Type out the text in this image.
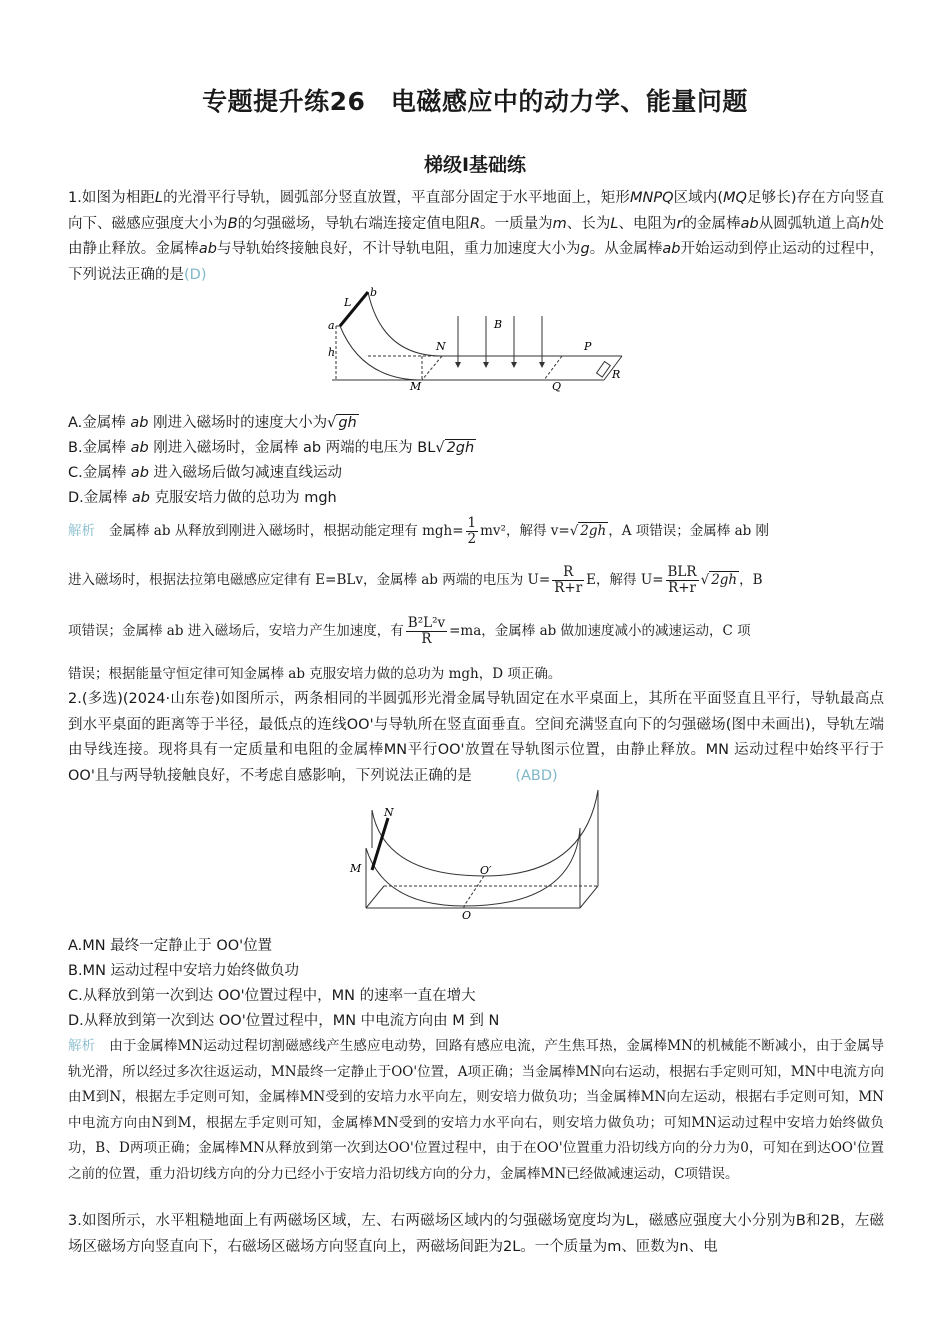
专题提升练26　电磁感应中的动力学、能量问题
梯级Ⅰ基础练

1.如图为相距L的光滑平行导轨，圆弧部分竖直放置，平直部分固定于水平地面上，矩形MNPQ区域内(MQ足够长)存在方向竖直向下、磁感应强度大小为B的匀强磁场，导轨右端连接定值电阻R。一质量为m、长为L、电阻为r的金属棒ab从圆弧轨道上高h处由静止释放。金属棒ab与导轨始终接触良好，不计导轨电阻，重力加速度大小为g。从金属棒ab开始运动到停止运动的过程中，下列说法正确的是(D)

L
b
a
h	N
B
P
M	Q
R

A.金属棒 ab 刚进入磁场时的速度大小为√ gh

B.金属棒 ab 刚进入磁场时，金属棒 ab 两端的电压为 BL√ 2gh

C.金属棒 ab 进入磁场后做匀减速直线运动

D.金属棒 ab 克服安培力做的总功为 mgh

解析 金属棒 ab 从释放到刚进入磁场时，根据动能定理有 $mgh= \frac{1}{2} mv^2$，解得 v=√ 2gh ，A 项错误；金属棒 ab 刚

进入磁场时，根据法拉第电磁感应定律有 E=BLv，金属棒 ab 两端的电压为 $U= \frac{R}{R+r}$ E，解得 $U= \frac{\text{BLR}}{R+r}$ √ 2gh ，B

项错误；金属棒 ab 进入磁场后，安培力产生加速度，有 $\frac{\text{B²L²v}}{R} =ma$，金属棒 ab 做加速度减小的减速运动，C 项

错误；根据能量守恒定律可知金属棒 ab 克服安培力做的总功为 mgh，D 项正确。

2.(多选)(2024·山东卷)如图所示，两条相同的半圆弧形光滑金属导轨固定在水平桌面上，其所在平面竖直且平行，导轨最高点到水平桌面的距离等于半径，最低点的连线OO'与导轨所在竖直面垂直。空间充满竖直向下的匀强磁场(图中未画出)，导轨左端由导线连接。现将具有一定质量和电阻的金属棒MN平行OO'放置在导轨图示位置，由静止释放。MN 运动过程中始终平行于OO'且与两导轨接触良好，不考虑自感影响，下列说法正确的是　　　	(ABD)

N
M	O′
O

A.MN 最终一定静止于 OO'位置

B.MN 运动过程中安培力始终做负功

C.从释放到第一次到达 OO'位置过程中，MN 的速率一直在增大

D.从释放到第一次到达 OO'位置过程中，MN 中电流方向由 M 到 N

解析 由于金属棒MN运动过程切割磁感线产生感应电动势，回路有感应电流，产生焦耳热，金属棒MN的机械能不断减小，由于金属导轨光滑，所以经过多次往返运动，MN最终一定静止于OO'位置，A项正确；当金属棒MN向右运动，根据右手定则可知，MN中电流方向由M到N，根据左手定则可知，金属棒MN受到的安培力水平向左，则安培力做负功；当金属棒MN向左运动，根据右手定则可知，MN中电流方向由N到M，根据左手定则可知，金属棒MN受到的安培力水平向右，则安培力做负功；可知MN运动过程中安培力始终做负功，B、D两项正确；金属棒MN从释放到第一次到达OO'位置过程中，由于在OO'位置重力沿切线方向的分力为0，可知在到达OO'位置之前的位置，重力沿切线方向的分力已经小于安培力沿切线方向的分力，金属棒MN已经做减速运动，C项错误。

3.如图所示，水平粗糙地面上有两磁场区域，左、右两磁场区域内的匀强磁场宽度均为L，磁感应强度大小分别为B和2B，左磁场区磁场方向竖直向下，右磁场区磁场方向竖直向上，两磁场间距为2L。一个质量为m、匝数为n、电
